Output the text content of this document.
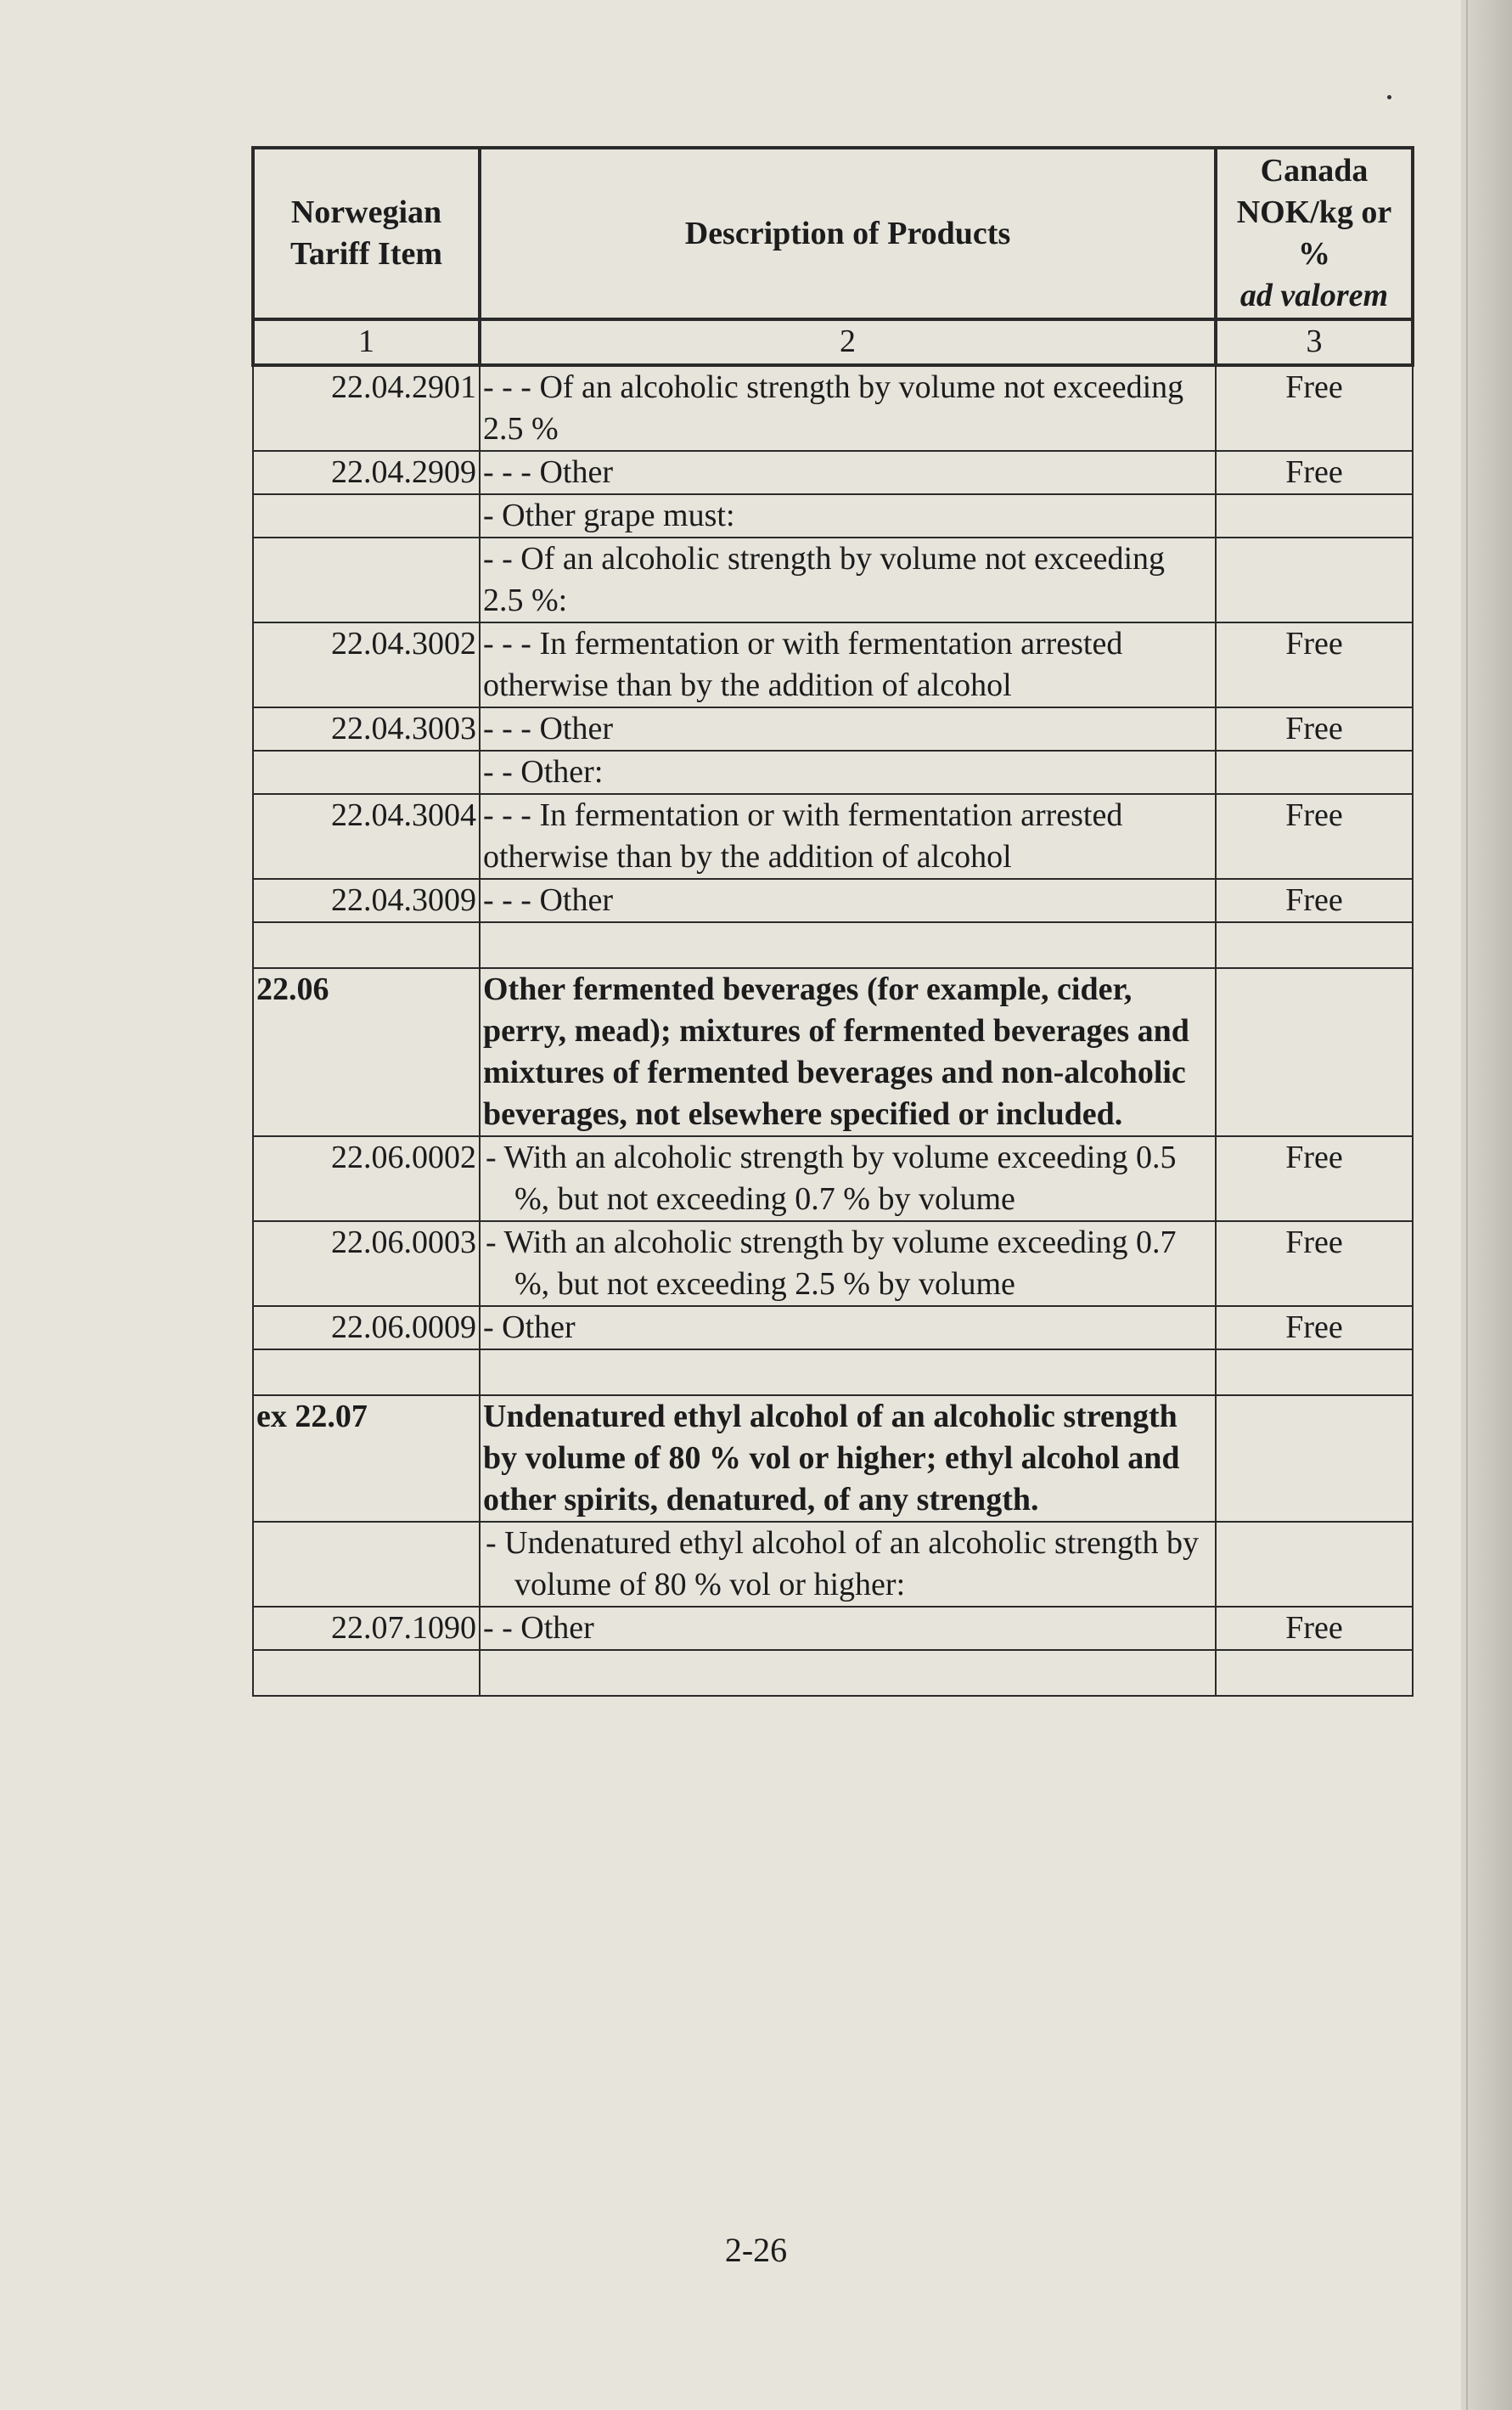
Norwegian Tariff Item	Description of Products	Canada
NOK/kg or
%
ad valorem

1	2	3
22.04.2901	- - - Of an alcoholic strength by volume not exceeding 2.5 %	Free
22.04.2909	- - - Other	Free
	- Other grape must:	
	- - Of an alcoholic strength by volume not exceeding 2.5 %:	
22.04.3002	- - - In fermentation or with fermentation arrested otherwise than by the addition of alcohol	Free
22.04.3003	- - - Other	Free
	- - Other:	
22.04.3004	- - - In fermentation or with fermentation arrested otherwise than by the addition of alcohol	Free
22.04.3009	- - - Other	Free

22.06	Other fermented beverages (for example, cider, perry, mead); mixtures of fermented beverages and mixtures of fermented beverages and non-alcoholic beverages, not elsewhere specified or included.	
22.06.0002	- With an alcoholic strength by volume exceeding 0.5 %, but not exceeding 0.7 % by volume	Free
22.06.0003	- With an alcoholic strength by volume exceeding 0.7 %, but not exceeding 2.5 % by volume	Free
22.06.0009	- Other	Free

ex 22.07	Undenatured ethyl alcohol of an alcoholic strength by volume of 80 % vol or higher; ethyl alcohol and other spirits, denatured, of any strength.	
	- Undenatured ethyl alcohol of an alcoholic strength by volume of 80 % vol or higher:	
22.07.1090	- - Other	Free

2-26
